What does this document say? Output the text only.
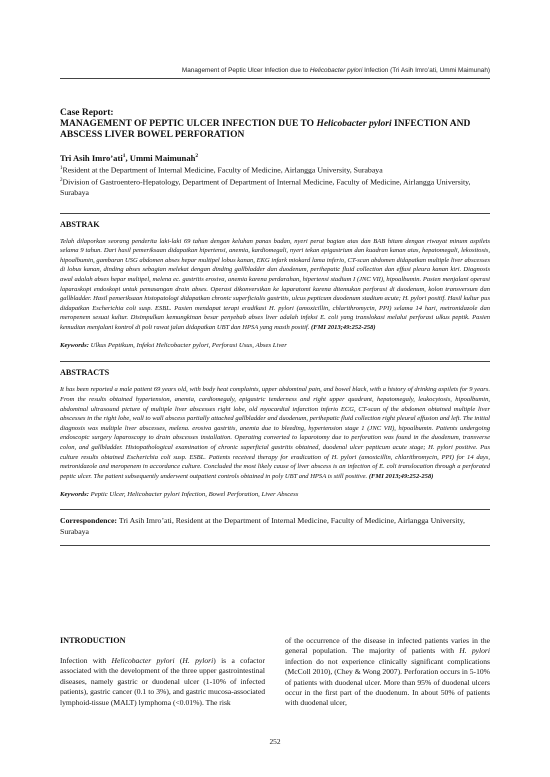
Management of Peptic Ulcer Infection due to Helicobacter pylori Infection (Tri Asih Imro’ati, Ummi Maimunah)
Case Report:
MANAGEMENT OF PEPTIC ULCER INFECTION DUE TO Helicobacter pylori INFECTION AND ABSCESS LIVER BOWEL PERFORATION
Tri Asih Imro’ati$^1$, Ummi Maimunah$^2$
$^1$Resident at the Department of Internal Medicine, Faculty of Medicine, Airlangga University, Surabaya
$^2$Division of Gastroentero-Hepatology, Department of Department of Internal Medicine, Faculty of Medicine, Airlangga University, Surabaya
ABSTRAK
Telah dilaporkan seorang penderita laki-laki 69 tahun dengan keluhan panas badan, nyeri perut bagian atas dan BAB hitam dengan riwayat minum aspilets selama 9 tahun. Dari hasil pemeriksaan didapatkan hipertensi, anemia, kardiomegali, nyeri tekan epigastrium dan kuadran kanan atas, hepatomegali, lekositosis, hipoalbumin, gambaran USG abdomen abses hepar multipel lobus kanan, EKG infark miokard lama inferio, CT-scan abdomen didapatkan multiple liver abscesses di lobus kanan, dinding abses sebagian melekat dengan dinding gallbladder dan duodenum, perihepatic fluid collection dan effusi pleura kanan kiri. Diagnosis awal adalah abses hepar multipel, melena ec. gastritis erosiva, anemia karena perdarahan, hipertensi stadium I (JNC VII), hipoalbumin. Pasien menjalani operasi laparaskopi endoskopi untuk pemasangan drain abses. Operasi dikonversikan ke laparatomi karena ditemukan perforasi di duodenum, kolon transversum dan gallbladder. Hasil pemeriksaan histopatologi didapatkan chronic superficialis gastritis, ulcus pepticum duodenum stadium acute; H. pylori positif. Hasil kultur pus didapatkan Escherichia coli susp. ESBL. Pasien mendapat terapi eradikasi H. pylori (amoxicillin, chlarithromycin, PPI) selama 14 hari, metronidazole dan meropenem sesuai kultur. Disimpulkan kemungkinan besar penyebab abses liver adalah infeksi E. coli yang translokasi melalui perforasi ulkus peptik. Pasien kemudian menjalani kontrol di poli rawat jalan didapatkan UBT dan HPSA yang masih positif. (FMI 2013;49:252-258)
Keywords: Ulkus Peptikum, Infeksi Helicobacter pylori, Perforasi Usus, Abses Liver
ABSTRACTS
It has been reported a male patient 69 years old, with body heat complaints, upper abdominal pain, and bowel black, with a history of drinking aspilets for 9 years. From the results obtained hypertension, anemia, cardiomegaly, epigastric tenderness and right upper quadrant, hepatomegaly, leukocytosis, hipoalbumin, abdominal ultrasound picture of multiple liver abscesses right lobe, old myocardial infarction inferio ECG, CT-scan of the abdomen obtained multiple liver abscesses in the right lobe, wall to wall abscess partially attached gallbladder and duodenum, perihepatic fluid collection right pleural effusion and left. The initial diagnosis was multiple liver abscesses, melena. erosiva gastritis, anemia due to bleeding, hypertension stage 1 (JNC VII), hipoalbumin. Patients undergoing endoscopic surgery laparoscopy to drain abscesses installation. Operating converted to laparotomy due to perforation was found in the duodenum, transverse colon, and gallbladder. Histopathological examination of chronic superficial gastritis obtained, duodenal ulcer pepticum acute stage; H. pylori positive. Pus culture results obtained Escherichia coli susp. ESBL. Patients received therapy for eradication of H. pylori (amoxicillin, chlarithromycin, PPI) for 14 days, metronidazole and meropenem in accordance culture. Concluded the most likely cause of liver abscess is an infection of E. coli translocation through a perforated peptic ulcer. The patient subsequently underwent outpatient controls obtained in poly UBT and HPSA is still positive. (FMI 2013;49:252-258)
Keywords: Peptic Ulcer, Helicobacter pylori Infection, Bowel Perforation, Liver Abscess
Correspondence: Tri Asih Imro’ati, Resident at the Department of Internal Medicine, Faculty of Medicine, Airlangga University, Surabaya
INTRODUCTION
Infection with Helicobacter pylori (H. pylori) is a cofactor associated with the development of the three upper gastrointestinal diseases, namely gastric or duodenal ulcer (1-10% of infected patients), gastric cancer (0.1 to 3%), and gastric mucosa-associated lymphoid-tissue (MALT) lymphoma (<0.01%). The risk
of the occurrence of the disease in infected patients varies in the general population. The majority of patients with H. pylori infection do not experience clinically significant complications (McColl 2010), (Chey & Wong 2007). Perforation occurs in 5-10% of patients with duodenal ulcer. More than 95% of duodenal ulcers occur in the first part of the duodenum. In about 50% of patients with duodenal ulcer,
252
